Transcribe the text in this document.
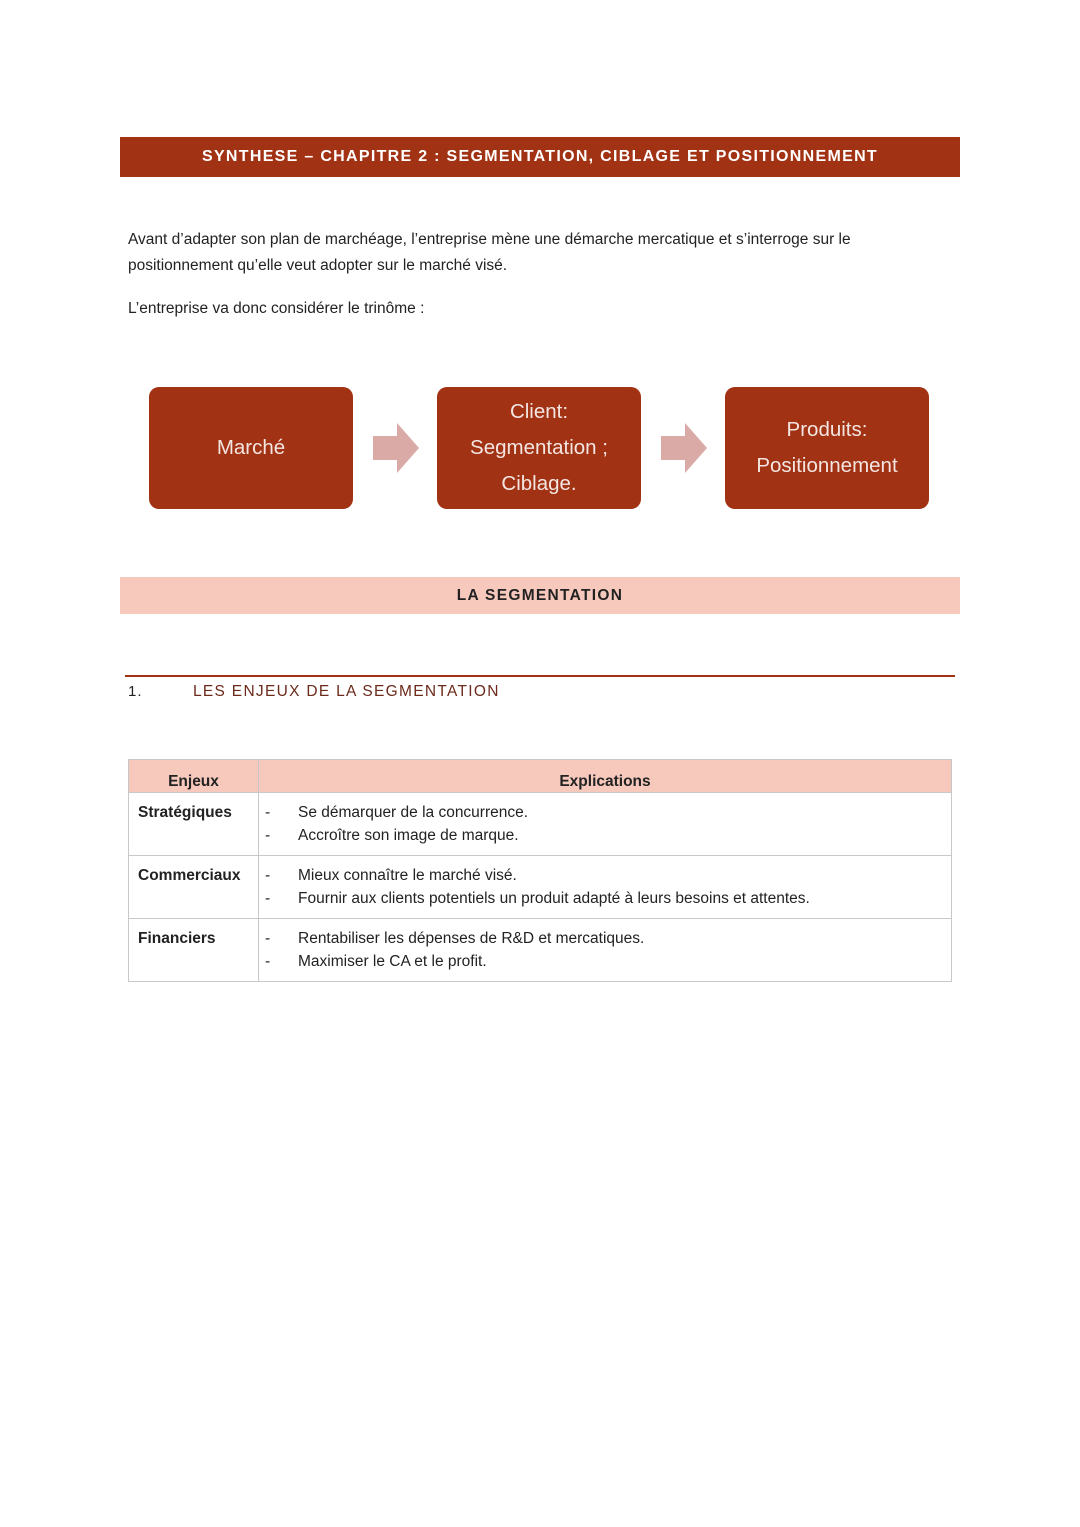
SYNTHESE – CHAPITRE 2 : SEGMENTATION, CIBLAGE ET POSITIONNEMENT
Avant d’adapter son plan de marchéage, l’entreprise mène une démarche mercatique et s’interroge sur le
positionnement qu’elle veut adopter sur le marché visé.
L’entreprise va donc considérer le trinôme :
Marché
Client:
Segmentation ;
Ciblage.
Produits:
Positionnement
LA SEGMENTATION
1.	LES ENJEUX DE LA SEGMENTATION
Enjeux	Explications
Stratégiques	- Se démarquer de la concurrence.
- Accroître son image de marque.

Commerciaux	- Mieux connaître le marché visé.
- Fournir aux clients potentiels un produit adapté à leurs besoins et attentes.

Financiers	- Rentabiliser les dépenses de R&D et mercatiques.
- Maximiser le CA et le profit.
